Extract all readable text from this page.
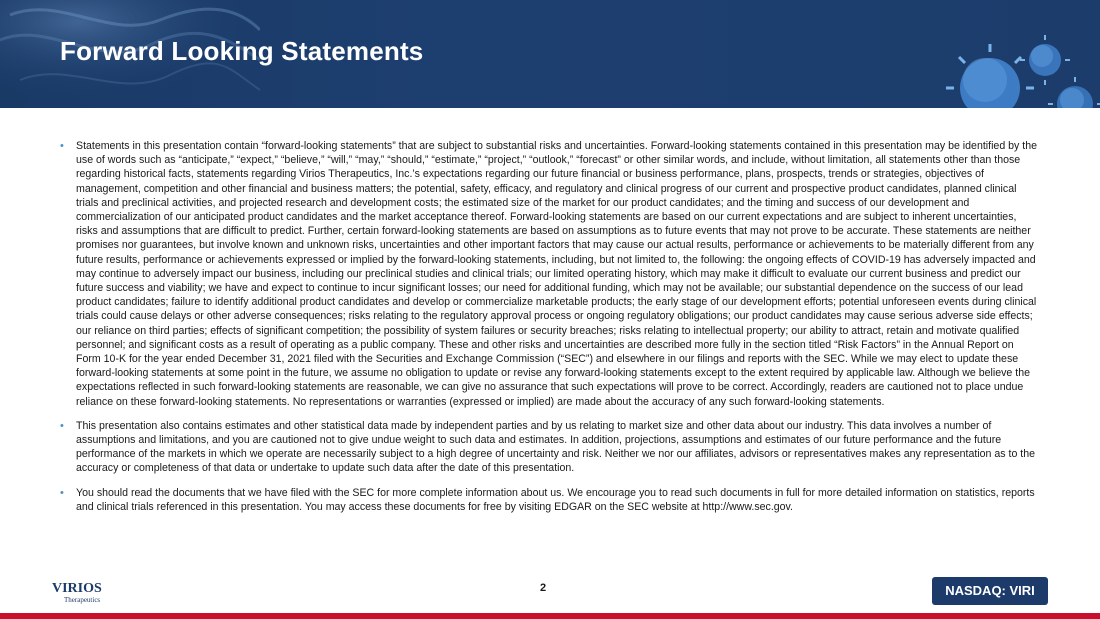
Forward Looking Statements

• Statements in this presentation contain “forward-looking statements” that are subject to substantial risks and uncertainties. Forward-looking statements contained in this presentation may be identified by the use of words such as “anticipate,” “expect,” “believe,” “will,” “may,” “should,” “estimate,” “project,” “outlook,” “forecast” or other similar words, and include, without limitation, all statements other than those regarding historical facts, statements regarding Virios Therapeutics, Inc.’s expectations regarding our future financial or business performance, plans, prospects, trends or strategies, objectives of management, competition and other financial and business matters; the potential, safety, efficacy, and regulatory and clinical progress of our current and prospective product candidates, planned clinical trials and preclinical activities, and projected research and development costs; the estimated size of the market for our product candidates; and the timing and success of our development and commercialization of our anticipated product candidates and the market acceptance thereof. Forward-looking statements are based on our current expectations and are subject to inherent uncertainties, risks and assumptions that are difficult to predict. Further, certain forward-looking statements are based on assumptions as to future events that may not prove to be accurate. These statements are neither promises nor guarantees, but involve known and unknown risks, uncertainties and other important factors that may cause our actual results, performance or achievements to be materially different from any future results, performance or achievements expressed or implied by the forward-looking statements, including, but not limited to, the following: the ongoing effects of COVID-19 has adversely impacted and may continue to adversely impact our business, including our preclinical studies and clinical trials; our limited operating history, which may make it difficult to evaluate our current business and predict our future success and viability; we have and expect to continue to incur significant losses; our need for additional funding, which may not be available; our substantial dependence on the success of our lead product candidates; failure to identify additional product candidates and develop or commercialize marketable products; the early stage of our development efforts; potential unforeseen events during clinical trials could cause delays or other adverse consequences; risks relating to the regulatory approval process or ongoing regulatory obligations; our product candidates may cause serious adverse side effects; our reliance on third parties; effects of significant competition; the possibility of system failures or security breaches; risks relating to intellectual property; our ability to attract, retain and motivate qualified personnel; and significant costs as a result of operating as a public company. These and other risks and uncertainties are described more fully in the section titled “Risk Factors” in the Annual Report on Form 10-K for the year ended December 31, 2021 filed with the Securities and Exchange Commission (“SEC”) and elsewhere in our filings and reports with the SEC. While we may elect to update these forward-looking statements at some point in the future, we assume no obligation to update or revise any forward-looking statements except to the extent required by applicable law. Although we believe the expectations reflected in such forward-looking statements are reasonable, we can give no assurance that such expectations will prove to be correct. Accordingly, readers are cautioned not to place undue reliance on these forward-looking statements. No representations or warranties (expressed or implied) are made about the accuracy of any such forward-looking statements.

• This presentation also contains estimates and other statistical data made by independent parties and by us relating to market size and other data about our industry. This data involves a number of assumptions and limitations, and you are cautioned not to give undue weight to such data and estimates. In addition, projections, assumptions and estimates of our future performance and the future performance of the markets in which we operate are necessarily subject to a high degree of uncertainty and risk. Neither we nor our affiliates, advisors or representatives makes any representation as to the accuracy or completeness of that data or undertake to update such data after the date of this presentation.

• You should read the documents that we have filed with the SEC for more complete information about us. We encourage you to read such documents in full for more detailed information on statistics, reports and clinical trials referenced in this presentation. You may access these documents for free by visiting EDGAR on the SEC website at http://www.sec.gov.

VIRIOS
Therapeutics
2	NASDAQ: VIRI
